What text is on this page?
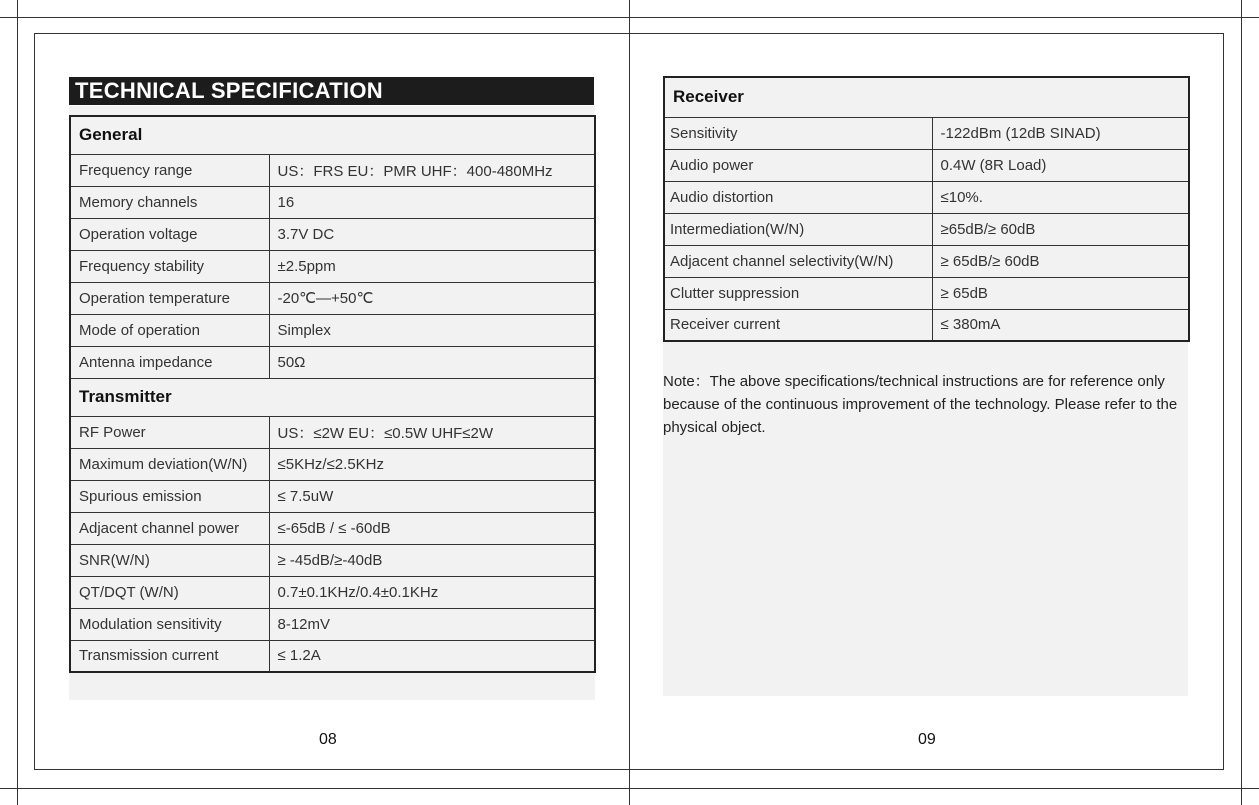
TECHNICAL SPECIFICATION
General	
Frequency range	US：FRS EU：PMR UHF：400-480MHz
Memory channels	16
Operation voltage	3.7V DC
Frequency stability	±2.5ppm
Operation temperature	-20℃—+50℃
Mode of operation	Simplex
Antenna impedance	50Ω
Transmitter	
RF Power	US：≤2W EU：≤0.5W UHF≤2W
Maximum deviation(W/N)	≤5KHz/≤2.5KHz
Spurious emission	≤ 7.5uW
Adjacent channel power	≤-65dB / ≤ -60dB
SNR(W/N)	≥ -45dB/≥-40dB
QT/DQT (W/N)	0.7±0.1KHz/0.4±0.1KHz
Modulation sensitivity	8-12mV
Transmission current	≤ 1.2A
08
Receiver	
Sensitivity	-122dBm (12dB SINAD)
Audio power	0.4W (8R Load)
Audio distortion	≤10%.
Intermediation(W/N)	≥65dB/≥ 60dB
Adjacent channel selectivity(W/N)	≥ 65dB/≥ 60dB
Clutter suppression	≥ 65dB
Receiver current	≤ 380mA
Note：The above specifications/technical instructions are for reference only because of the continuous improvement of the technology. Please refer to the physical object.
09
